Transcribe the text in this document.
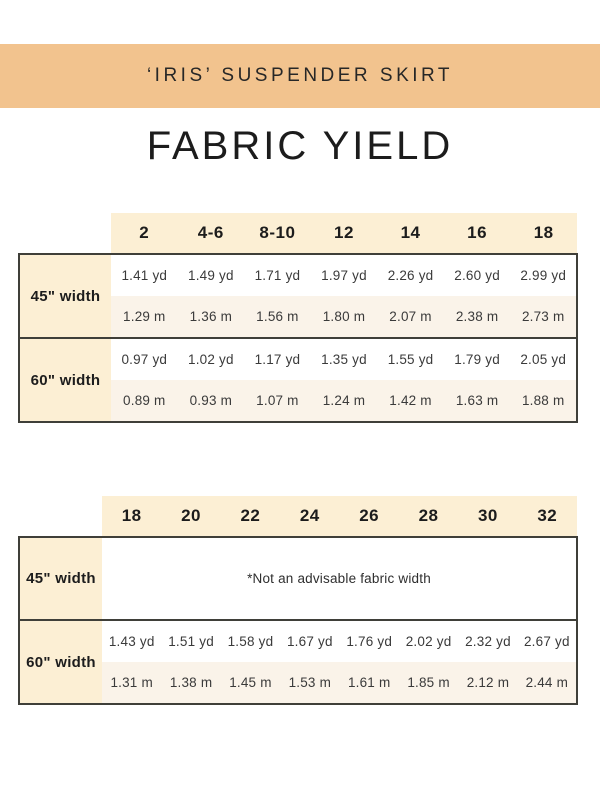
‘IRIS’ SUSPENDER SKIRT
FABRIC YIELD
	2	4-6	8-10	12	14	16	18
45" width	1.41 yd	1.49 yd	1.71 yd	1.97 yd	2.26 yd	2.60 yd	2.99 yd
	1.29 m	1.36 m	1.56 m	1.80 m	2.07 m	2.38 m	2.73 m
60" width	0.97 yd	1.02 yd	1.17 yd	1.35 yd	1.55 yd	1.79 yd	2.05 yd
	0.89 m	0.93 m	1.07 m	1.24 m	1.42 m	1.63 m	1.88 m
	18	20	22	24	26	28	30	32
45" width	*Not an advisable fabric width							
60" width	1.43 yd	1.51 yd	1.58 yd	1.67 yd	1.76 yd	2.02 yd	2.32 yd	2.67 yd
	1.31 m	1.38 m	1.45 m	1.53 m	1.61 m	1.85 m	2.12 m	2.44 m
